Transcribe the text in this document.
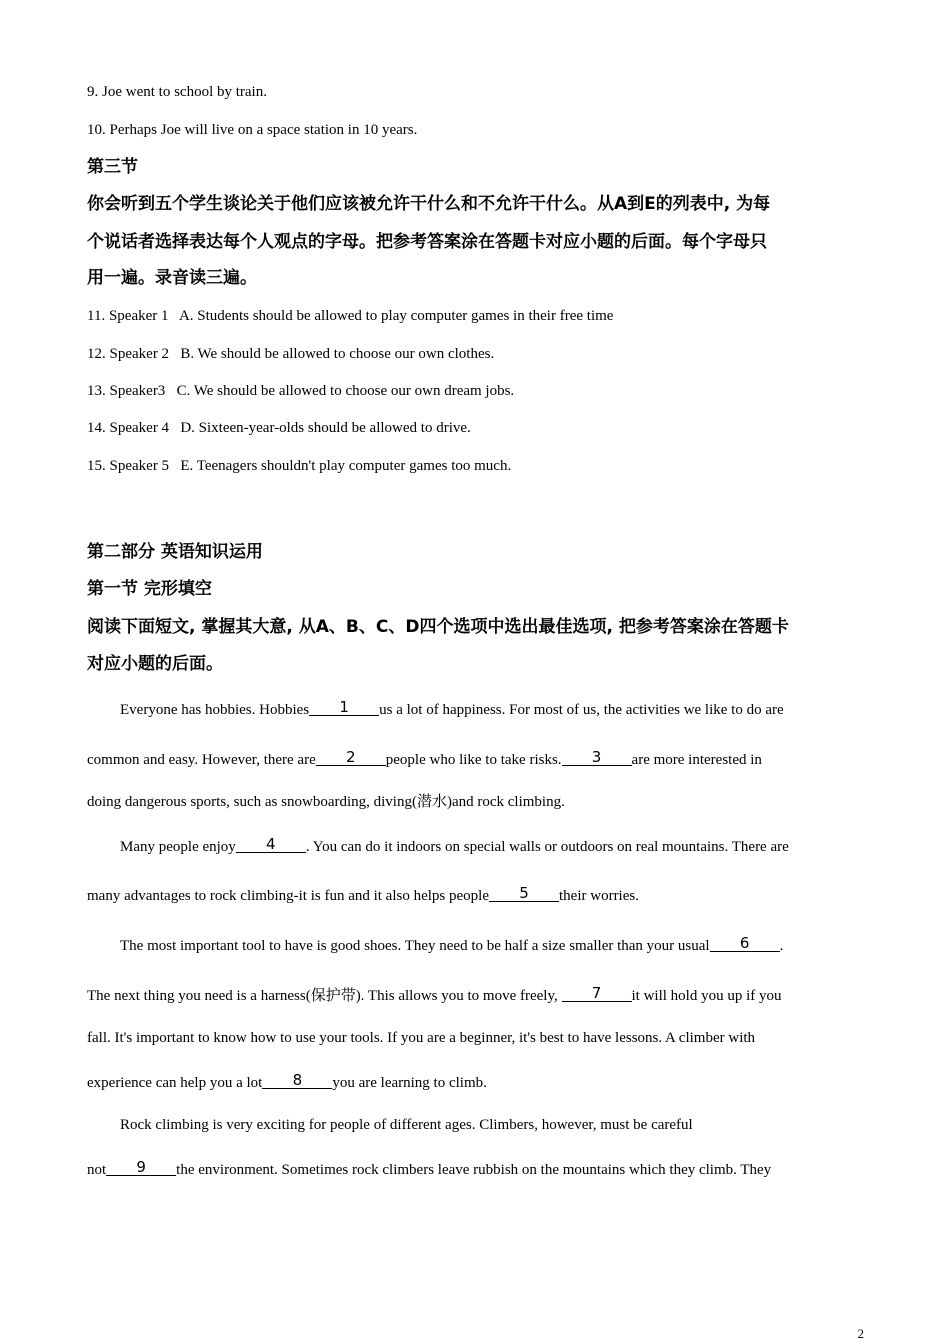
9. Joe went to school by train.
10. Perhaps Joe will live on a space station in 10 years.
第三节
你会听到五个学生谈论关于他们应该被允许干什么和不允许干什么。从A到E的列表中, 为每
个说话者选择表达每个人观点的字母。把参考答案涂在答题卡对应小题的后面。每个字母只
用一遍。录音读三遍。
11. Speaker 1 A. Students should be allowed to play computer games in their free time
12. Speaker 2 B. We should be allowed to choose our own clothes.
13. Speaker3 C. We should be allowed to choose our own dream jobs.
14. Speaker 4 D. Sixteen-year-olds should be allowed to drive.
15. Speaker 5 E. Teenagers shouldn't play computer games too much.
第二部分 英语知识运用
第一节 完形填空
阅读下面短文, 掌握其大意, 从A、B、C、D四个选项中选出最佳选项, 把参考答案涂在答题卡
对应小题的后面。
Everyone has hobbies. Hobbies 1 us a lot of happiness. For most of us, the activities we like to do are
common and easy. However, there are 2 people who like to take risks. 3 are more interested in
doing dangerous sports, such as snowboarding, diving(潜水)and rock climbing.
Many people enjoy 4 . You can do it indoors on special walls or outdoors on real mountains. There are
many advantages to rock climbing-it is fun and it also helps people 5 their worries.
The most important tool to have is good shoes. They need to be half a size smaller than your usual 6 .
The next thing you need is a harness(保护带). This allows you to move freely, 7 it will hold you up if you
fall. It's important to know how to use your tools. If you are a beginner, it's best to have lessons. A climber with
experience can help you a lot 8 you are learning to climb.
Rock climbing is very exciting for people of different ages. Climbers, however, must be careful
not 9 the environment. Sometimes rock climbers leave rubbish on the mountains which they climb. They
2
